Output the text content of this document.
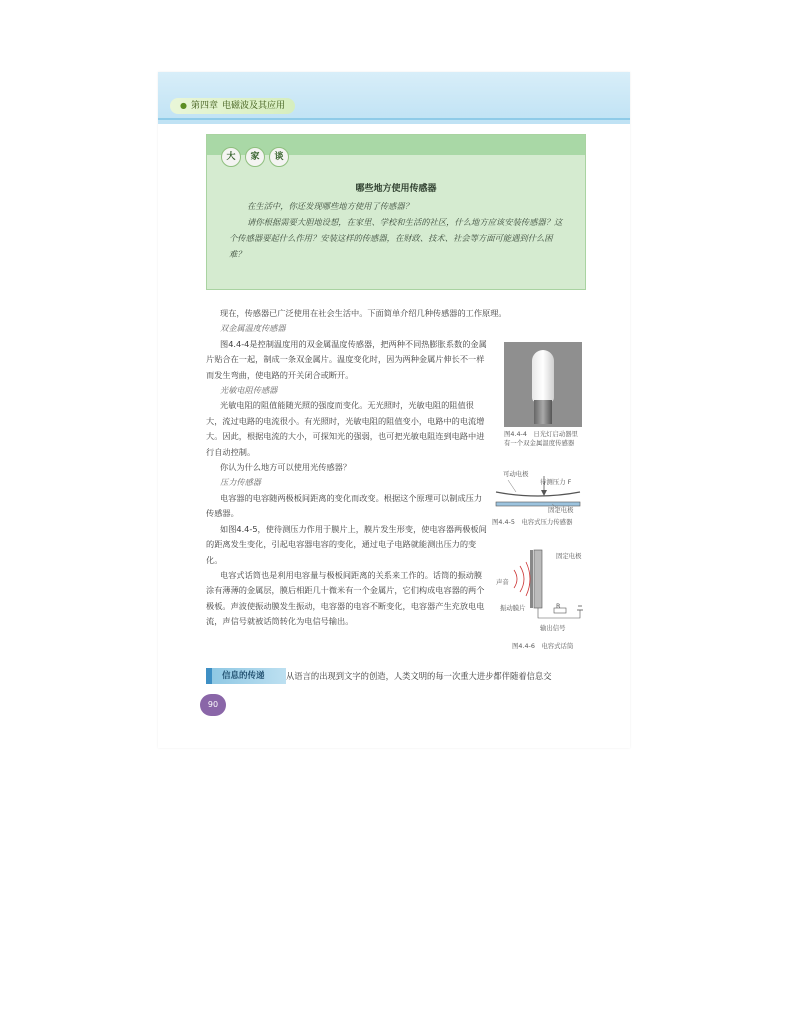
● 第四章 电磁波及其应用
大	家	谈
哪些地方使用传感器

在生活中，你还发现哪些地方使用了传感器？

请你根据需要大胆地设想，在家里、学校和生活的社区，什么地方应该安装传感器？这个传感器要起什么作用？安装这样的传感器，在财政、技术、社会等方面可能遇到什么困难？

现在，传感器已广泛使用在社会生活中。下面简单介绍几种传感器的工作原理。

双金属温度传感器

图4.4-4是控制温度用的双金属温度传感器，把两种不同热膨胀系数的金属片贴合在一起，制成一条双金属片。温度变化时，因为两种金属片伸长不一样而发生弯曲，使电路的开关闭合或断开。

光敏电阻传感器

光敏电阻的阻值能随光照的强度而变化。无光照时，光敏电阻的阻值很大，流过电路的电流很小。有光照时，光敏电阻的阻值变小，电路中的电流增大。因此，根据电流的大小，可探知光的强弱，也可把光敏电阻连到电路中进行自动控制。

你认为什么地方可以使用光传感器？

压力传感器

电容器的电容随两极板间距离的变化而改变。根据这个原理可以制成压力传感器。

如图4.4-5，使待测压力作用于膜片上，膜片发生形变，使电容器两极板间的距离发生变化，引起电容器电容的变化，通过电子电路就能测出压力的变化。

电容式话筒也是利用电容量与极板间距离的关系来工作的。话筒的振动膜涂有薄薄的金属层，膜后相距几十微米有一个金属片，它们构成电容器的两个极板。声波使振动膜发生振动，电容器的电容不断变化，电容器产生充放电电流，声信号就被话筒转化为电信号输出。

图4.4-4　日光灯启动器里
有一个双金属温度传感器
可动电极
待测压力 F
固定电极
图4.4-5　电容式压力传感器
固定电极
声音
振动膜片	R
输出信号
图4.4-6　电容式话筒
信息的传递	从语言的出现到文字的创造，人类文明的每一次重大进步都伴随着信息交
90
